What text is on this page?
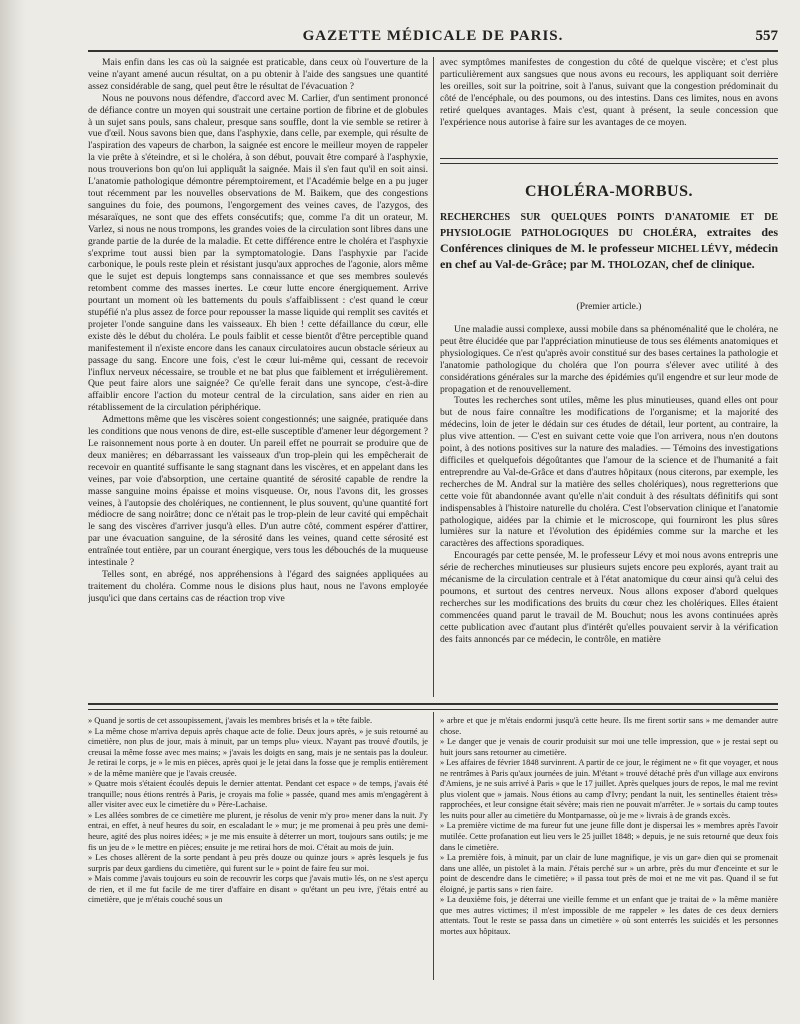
GAZETTE MÉDICALE DE PARIS.	557

Mais enfin dans les cas où la saignée est praticable, dans ceux où l'ouverture de la veine n'ayant amené aucun résultat, on a pu obtenir à l'aide des sangsues une quantité assez considérable de sang, quel peut être le résultat de l'évacuation ?

Nous ne pouvons nous défendre, d'accord avec M. Carlier, d'un sentiment prononcé de défiance contre un moyen qui soustrait une certaine portion de fibrine et de globules à un sujet sans pouls, sans chaleur, presque sans souffle, dont la vie semble se retirer à vue d'œil. Nous savons bien que, dans l'asphyxie, dans celle, par exemple, qui résulte de l'aspiration des vapeurs de charbon, la saignée est encore le meilleur moyen de rappeler la vie prête à s'éteindre, et si le choléra, à son début, pouvait être comparé à l'asphyxie, nous trouverions bon qu'on lui appliquât la saignée. Mais il s'en faut qu'il en soit ainsi. L'anatomie pathologique démontre péremptoirement, et l'Académie belge en a pu juger tout récemment par les nouvelles observations de M. Baikem, que des congestions sanguines du foie, des poumons, l'engorgement des veines caves, de l'azygos, des mésaraïques, ne sont que des effets consécutifs; que, comme l'a dit un orateur, M. Varlez, si nous ne nous trompons, les grandes voies de la circulation sont libres dans une grande partie de la durée de la maladie. Et cette différence entre le choléra et l'asphyxie s'exprime tout aussi bien par la symptomatologie. Dans l'asphyxie par l'acide carbonique, le pouls reste plein et résistant jusqu'aux approches de l'agonie, alors même que le sujet est depuis longtemps sans connaissance et que ses membres soulevés retombent comme des masses inertes. Le cœur lutte encore énergiquement. Arrive pourtant un moment où les battements du pouls s'affaiblissent : c'est quand le cœur stupéfié n'a plus assez de force pour repousser la masse liquide qui remplit ses cavités et projeter l'onde sanguine dans les vaisseaux. Eh bien ! cette défaillance du cœur, elle existe dès le début du choléra. Le pouls faiblit et cesse bientôt d'être perceptible quand manifestement il n'existe encore dans les canaux circulatoires aucun obstacle sérieux au passage du sang. Encore une fois, c'est le cœur lui-même qui, cessant de recevoir l'influx nerveux nécessaire, se trouble et ne bat plus que faiblement et irrégulièrement. Que peut faire alors une saignée? Ce qu'elle ferait dans une syncope, c'est-à-dire affaiblir encore l'action du moteur central de la circulation, sans aider en rien au rétablissement de la circulation périphérique.

Admettons même que les viscères soient congestionnés; une saignée, pratiquée dans les conditions que nous venons de dire, est-elle susceptible d'amener leur dégorgement ? Le raisonnement nous porte à en douter. Un pareil effet ne pourrait se produire que de deux manières; en débarrassant les vaisseaux d'un trop-plein qui les empêcherait de recevoir en quantité suffisante le sang stagnant dans les viscères, et en appelant dans les veines, par voie d'absorption, une certaine quantité de sérosité capable de rendre la masse sanguine moins épaisse et moins visqueuse. Or, nous l'avons dit, les grosses veines, à l'autopsie des cholériques, ne contiennent, le plus souvent, qu'une quantité fort médiocre de sang noirâtre; donc ce n'était pas le trop-plein de leur cavité qui empêchait le sang des viscères d'arriver jusqu'à elles. D'un autre côté, comment espérer d'attirer, par une évacuation sanguine, de la sérosité dans les veines, quand cette sérosité est entraînée tout entière, par un courant énergique, vers tous les débouchés de la muqueuse intestinale ?

Telles sont, en abrégé, nos appréhensions à l'égard des saignées appliquées au traitement du choléra. Comme nous le disions plus haut, nous ne l'avons employée jusqu'ici que dans certains cas de réaction trop vive

avec symptômes manifestes de congestion du côté de quelque viscère; et c'est plus particulièrement aux sangsues que nous avons eu recours, les appliquant soit derrière les oreilles, soit sur la poitrine, soit à l'anus, suivant que la congestion prédominait du côté de l'encéphale, ou des poumons, ou des intestins. Dans ces limites, nous en avons retiré quelques avantages. Mais c'est, quant à présent, la seule concession que l'expérience nous autorise à faire sur les avantages de ce moyen.

CHOLÉRA-MORBUS.
RECHERCHES SUR QUELQUES POINTS D'ANATOMIE ET DE PHYSIOLOGIE PATHOLOGIQUES DU CHOLÉRA, extraites des Conférences cliniques de M. le professeur MICHEL LÉVY, médecin en chef au Val-de-Grâce; par M. THOLOZAN, chef de clinique.
(Premier article.)

Une maladie aussi complexe, aussi mobile dans sa phénoménalité que le choléra, ne peut être élucidée que par l'appréciation minutieuse de tous ses éléments anatomiques et physiologiques. Ce n'est qu'après avoir constitué sur des bases certaines la pathologie et l'anatomie pathologique du choléra que l'on pourra s'élever avec utilité à des considérations générales sur la marche des épidémies qu'il engendre et sur leur mode de propagation et de renouvellement.

Toutes les recherches sont utiles, même les plus minutieuses, quand elles ont pour but de nous faire connaître les modifications de l'organisme; et la majorité des médecins, loin de jeter le dédain sur ces études de détail, leur portent, au contraire, la plus vive attention. — C'est en suivant cette voie que l'on arrivera, nous n'en doutons point, à des notions positives sur la nature des maladies. — Témoins des investigations difficiles et quelquefois dégoûtantes que l'amour de la science et de l'humanité a fait entreprendre au Val-de-Grâce et dans d'autres hôpitaux (nous citerons, par exemple, les recherches de M. Andral sur la matière des selles cholériques), nous regretterions que cette voie fût abandonnée avant qu'elle n'ait conduit à des résultats définitifs qui sont indispensables à l'histoire naturelle du choléra. C'est l'observation clinique et l'anatomie pathologique, aidées par la chimie et le microscope, qui fourniront les plus sûres lumières sur la nature et l'évolution des épidémies comme sur la marche et les caractères des affections sporadiques.

Encouragés par cette pensée, M. le professeur Lévy et moi nous avons entrepris une série de recherches minutieuses sur plusieurs sujets encore peu explorés, ayant trait au mécanisme de la circulation centrale et à l'état anatomique du cœur ainsi qu'à celui des poumons, et surtout des centres nerveux. Nous allons exposer d'abord quelques recherches sur les modifications des bruits du cœur chez les cholériques. Elles étaient commencées quand parut le travail de M. Bouchut; nous les avons continuées après cette publication avec d'autant plus d'intérêt qu'elles pouvaient servir à la vérification des faits annoncés par ce médecin, le contrôle, en matière

» Quand je sortis de cet assoupissement, j'avais les membres brisés et la » tête faible.

» La même chose m'arriva depuis après chaque acte de folie. Deux jours après, » je suis retourné au cimetière, non plus de jour, mais à minuit, par un temps plu» vieux. N'ayant pas trouvé d'outils, je creusai la même fosse avec mes mains; » j'avais les doigts en sang, mais je ne sentais pas la douleur. Je retirai le corps, je » le mis en pièces, après quoi je le jetai dans la fosse que je remplis entièrement » de la même manière que je l'avais creusée.

» Quatre mois s'étaient écoulés depuis le dernier attentat. Pendant cet espace » de temps, j'avais été tranquille; nous étions rentrés à Paris, je croyais ma folie » passée, quand mes amis m'engagèrent à aller visiter avec eux le cimetière du » Père-Lachaise.

» Les allées sombres de ce cimetière me plurent, je résolus de venir m'y pro» mener dans la nuit. J'y entrai, en effet, à neuf heures du soir, en escaladant le » mur; je me promenai à peu près une demi-heure, agité des plus noires idées; » je me mis ensuite à déterrer un mort, toujours sans outils; je me fis un jeu de » le mettre en pièces; ensuite je me retirai hors de moi. C'était au mois de juin.

» Les choses allèrent de la sorte pendant à peu près douze ou quinze jours » après lesquels je fus surpris par deux gardiens du cimetière, qui furent sur le » point de faire feu sur moi.

» Mais comme j'avais toujours eu soin de recouvrir les corps que j'avais muti» lés, on ne s'est aperçu de rien, et il me fut facile de me tirer d'affaire en disant » qu'étant un peu ivre, j'étais entré au cimetière, que je m'étais couché sous un

» arbre et que je m'étais endormi jusqu'à cette heure. Ils me firent sortir sans » me demander autre chose.

» Le danger que je venais de courir produisit sur moi une telle impression, que » je restai sept ou huit jours sans retourner au cimetière.

» Les affaires de février 1848 survinrent. A partir de ce jour, le régiment ne » fit que voyager, et nous ne rentrâmes à Paris qu'aux journées de juin. M'étant » trouvé détaché près d'un village aux environs d'Amiens, je ne suis arrivé à Paris » que le 17 juillet. Après quelques jours de repos, le mal me revint plus violent que » jamais. Nous étions au camp d'Ivry; pendant la nuit, les sentinelles étaient très» rapprochées, et leur consigne était sévère; mais rien ne pouvait m'arrêter. Je » sortais du camp toutes les nuits pour aller au cimetière du Montparnasse, où je me » livrais à de grands excès.

» La première victime de ma fureur fut une jeune fille dont je dispersai les » membres après l'avoir mutilée. Cette profanation eut lieu vers le 25 juillet 1848; » depuis, je ne suis retourné que deux fois dans le cimetière.

» La première fois, à minuit, par un clair de lune magnifique, je vis un gar» dien qui se promenait dans une allée, un pistolet à la main. J'étais perché sur » un arbre, près du mur d'enceinte et sur le point de descendre dans le cimetière; » il passa tout près de moi et ne me vit pas. Quand il se fut éloigné, je partis sans » rien faire.

» La deuxième fois, je déterrai une vieille femme et un enfant que je traitai de » la même manière que mes autres victimes; il m'est impossible de me rappeler » les dates de ces deux derniers attentats. Tout le reste se passa dans un cimetière » où sont enterrés les suicidés et les personnes mortes aux hôpitaux.
